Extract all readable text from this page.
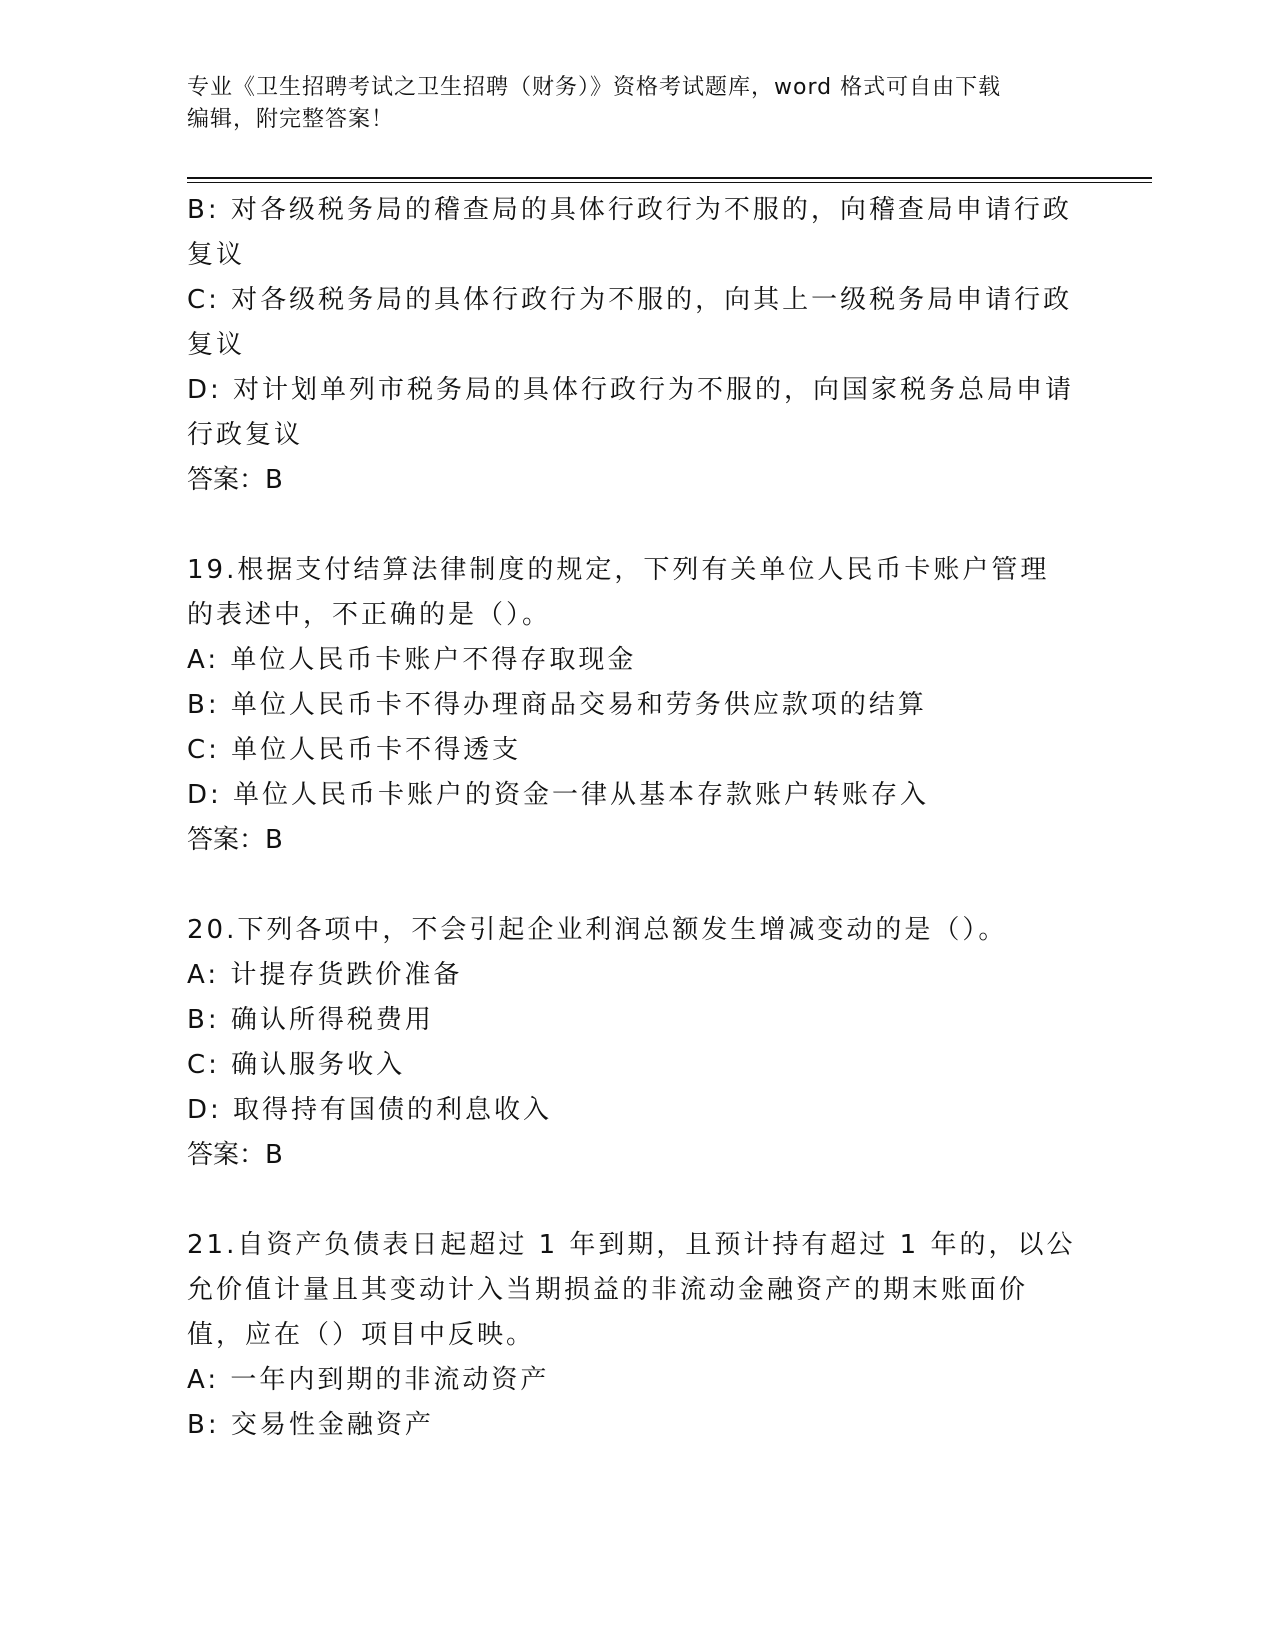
专业《卫生招聘考试之卫生招聘（财务）》资格考试题库，word 格式可自由下载
编辑，附完整答案！

B: 对各级税务局的稽查局的具体行政行为不服的，向稽查局申请行政复议

C: 对各级税务局的具体行政行为不服的，向其上一级税务局申请行政复议

D: 对计划单列市税务局的具体行政行为不服的，向国家税务总局申请行政复议

答案：B

19.根据支付结算法律制度的规定，下列有关单位人民币卡账户管理的表述中，不正确的是（）。

A: 单位人民币卡账户不得存取现金

B: 单位人民币卡不得办理商品交易和劳务供应款项的结算

C: 单位人民币卡不得透支

D: 单位人民币卡账户的资金一律从基本存款账户转账存入

答案：B

20.下列各项中，不会引起企业利润总额发生增减变动的是（）。

A: 计提存货跌价准备

B: 确认所得税费用

C: 确认服务收入

D: 取得持有国债的利息收入

答案：B

21.自资产负债表日起超过 1 年到期，且预计持有超过 1 年的，以公允价值计量且其变动计入当期损益的非流动金融资产的期末账面价值，应在（）项目中反映。

A: 一年内到期的非流动资产

B: 交易性金融资产
